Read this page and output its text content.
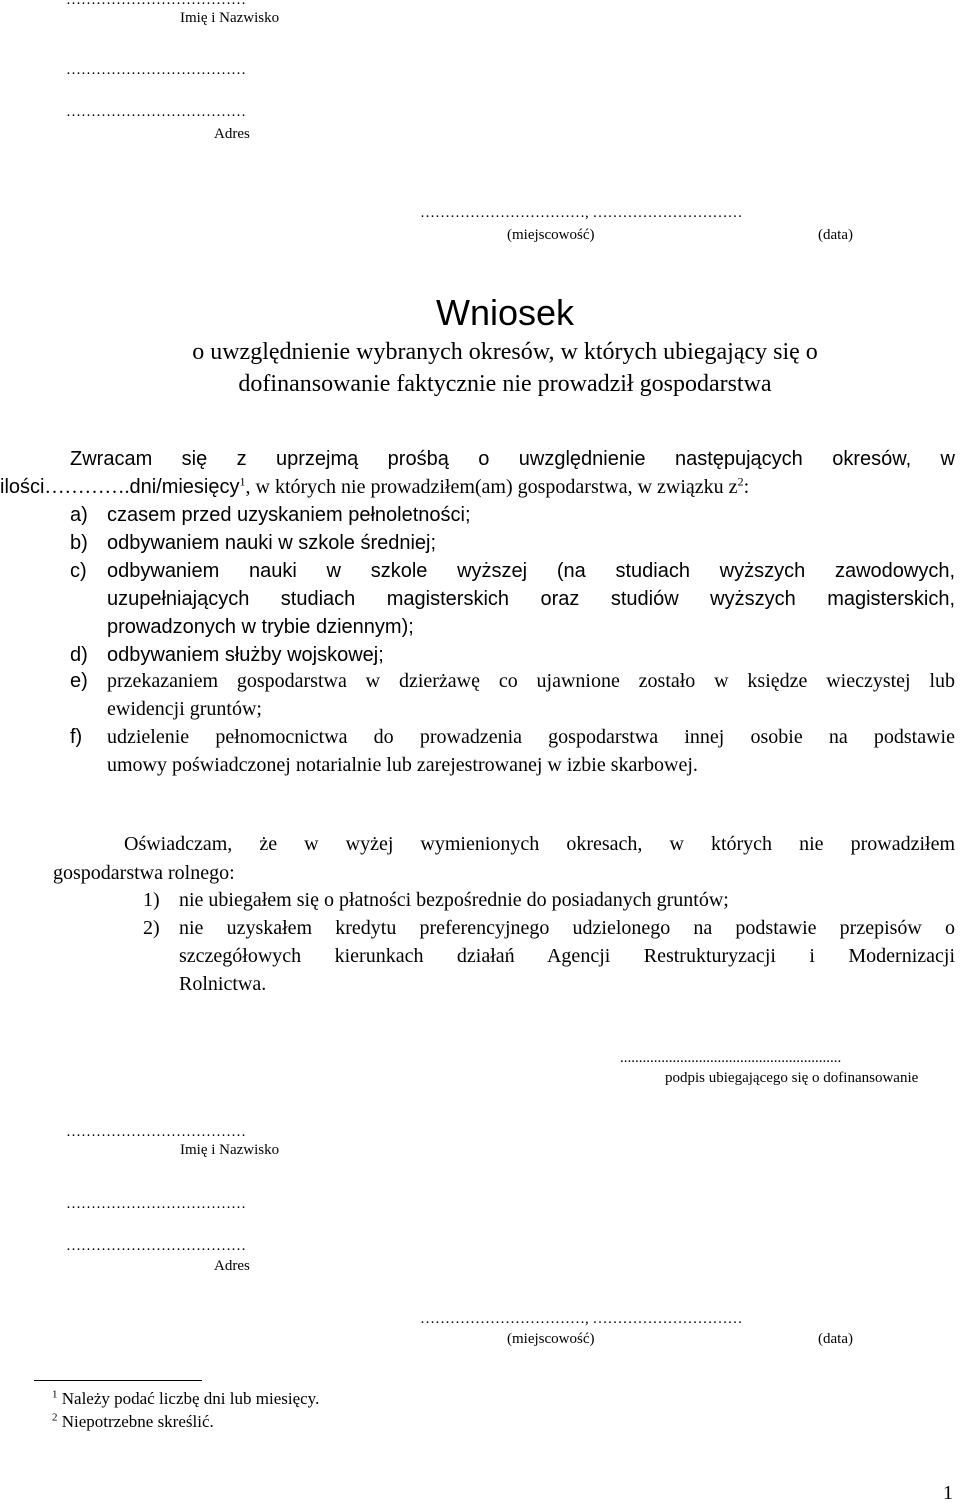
………………………………
Imię i Nazwisko
………………………………
………………………………
Adres
……………………………, …………………………
(miejscowość)	(data)
Wniosek
o uwzględnienie wybranych okresów, w których ubiegający się o
dofinansowanie faktycznie nie prowadził gospodarstwa
Zwracam się z uprzejmą prośbą o uwzględnienie następujących okresów, w
ilości………….dni/miesięcy$^1$, w których nie prowadziłem(am) gospodarstwa, w związku $z^2$:
a) czasem przed uzyskaniem pełnoletności;
b) odbywaniem nauki w szkole średniej;
c) odbywaniem nauki w szkole wyższej (na studiach wyższych zawodowych,
uzupełniających studiach magisterskich oraz studiów wyższych magisterskich,
prowadzonych w trybie dziennym);
d) odbywaniem służby wojskowej;
e) przekazaniem gospodarstwa w dzierżawę co ujawnione zostało w księdze wieczystej lub
ewidencji gruntów;
f) udzielenie pełnomocnictwa do prowadzenia gospodarstwa innej osobie na podstawie
umowy poświadczonej notarialnie lub zarejestrowanej w izbie skarbowej.
Oświadczam, że w wyżej wymienionych okresach, w których nie prowadziłem
gospodarstwa rolnego:
1) nie ubiegałem się o płatności bezpośrednie do posiadanych gruntów;
2) nie uzyskałem kredytu preferencyjnego udzielonego na podstawie przepisów o
szczegółowych kierunkach działań Agencji Restrukturyzacji i Modernizacji
Rolnictwa.
...........................................................
podpis ubiegającego się o dofinansowanie
………………………………
Imię i Nazwisko
………………………………
………………………………
Adres
……………………………, …………………………
(miejscowość)	(data)
$^1$ Należy podać liczbę dni lub miesięcy.
$^2$ Niepotrzebne skreślić.
1
